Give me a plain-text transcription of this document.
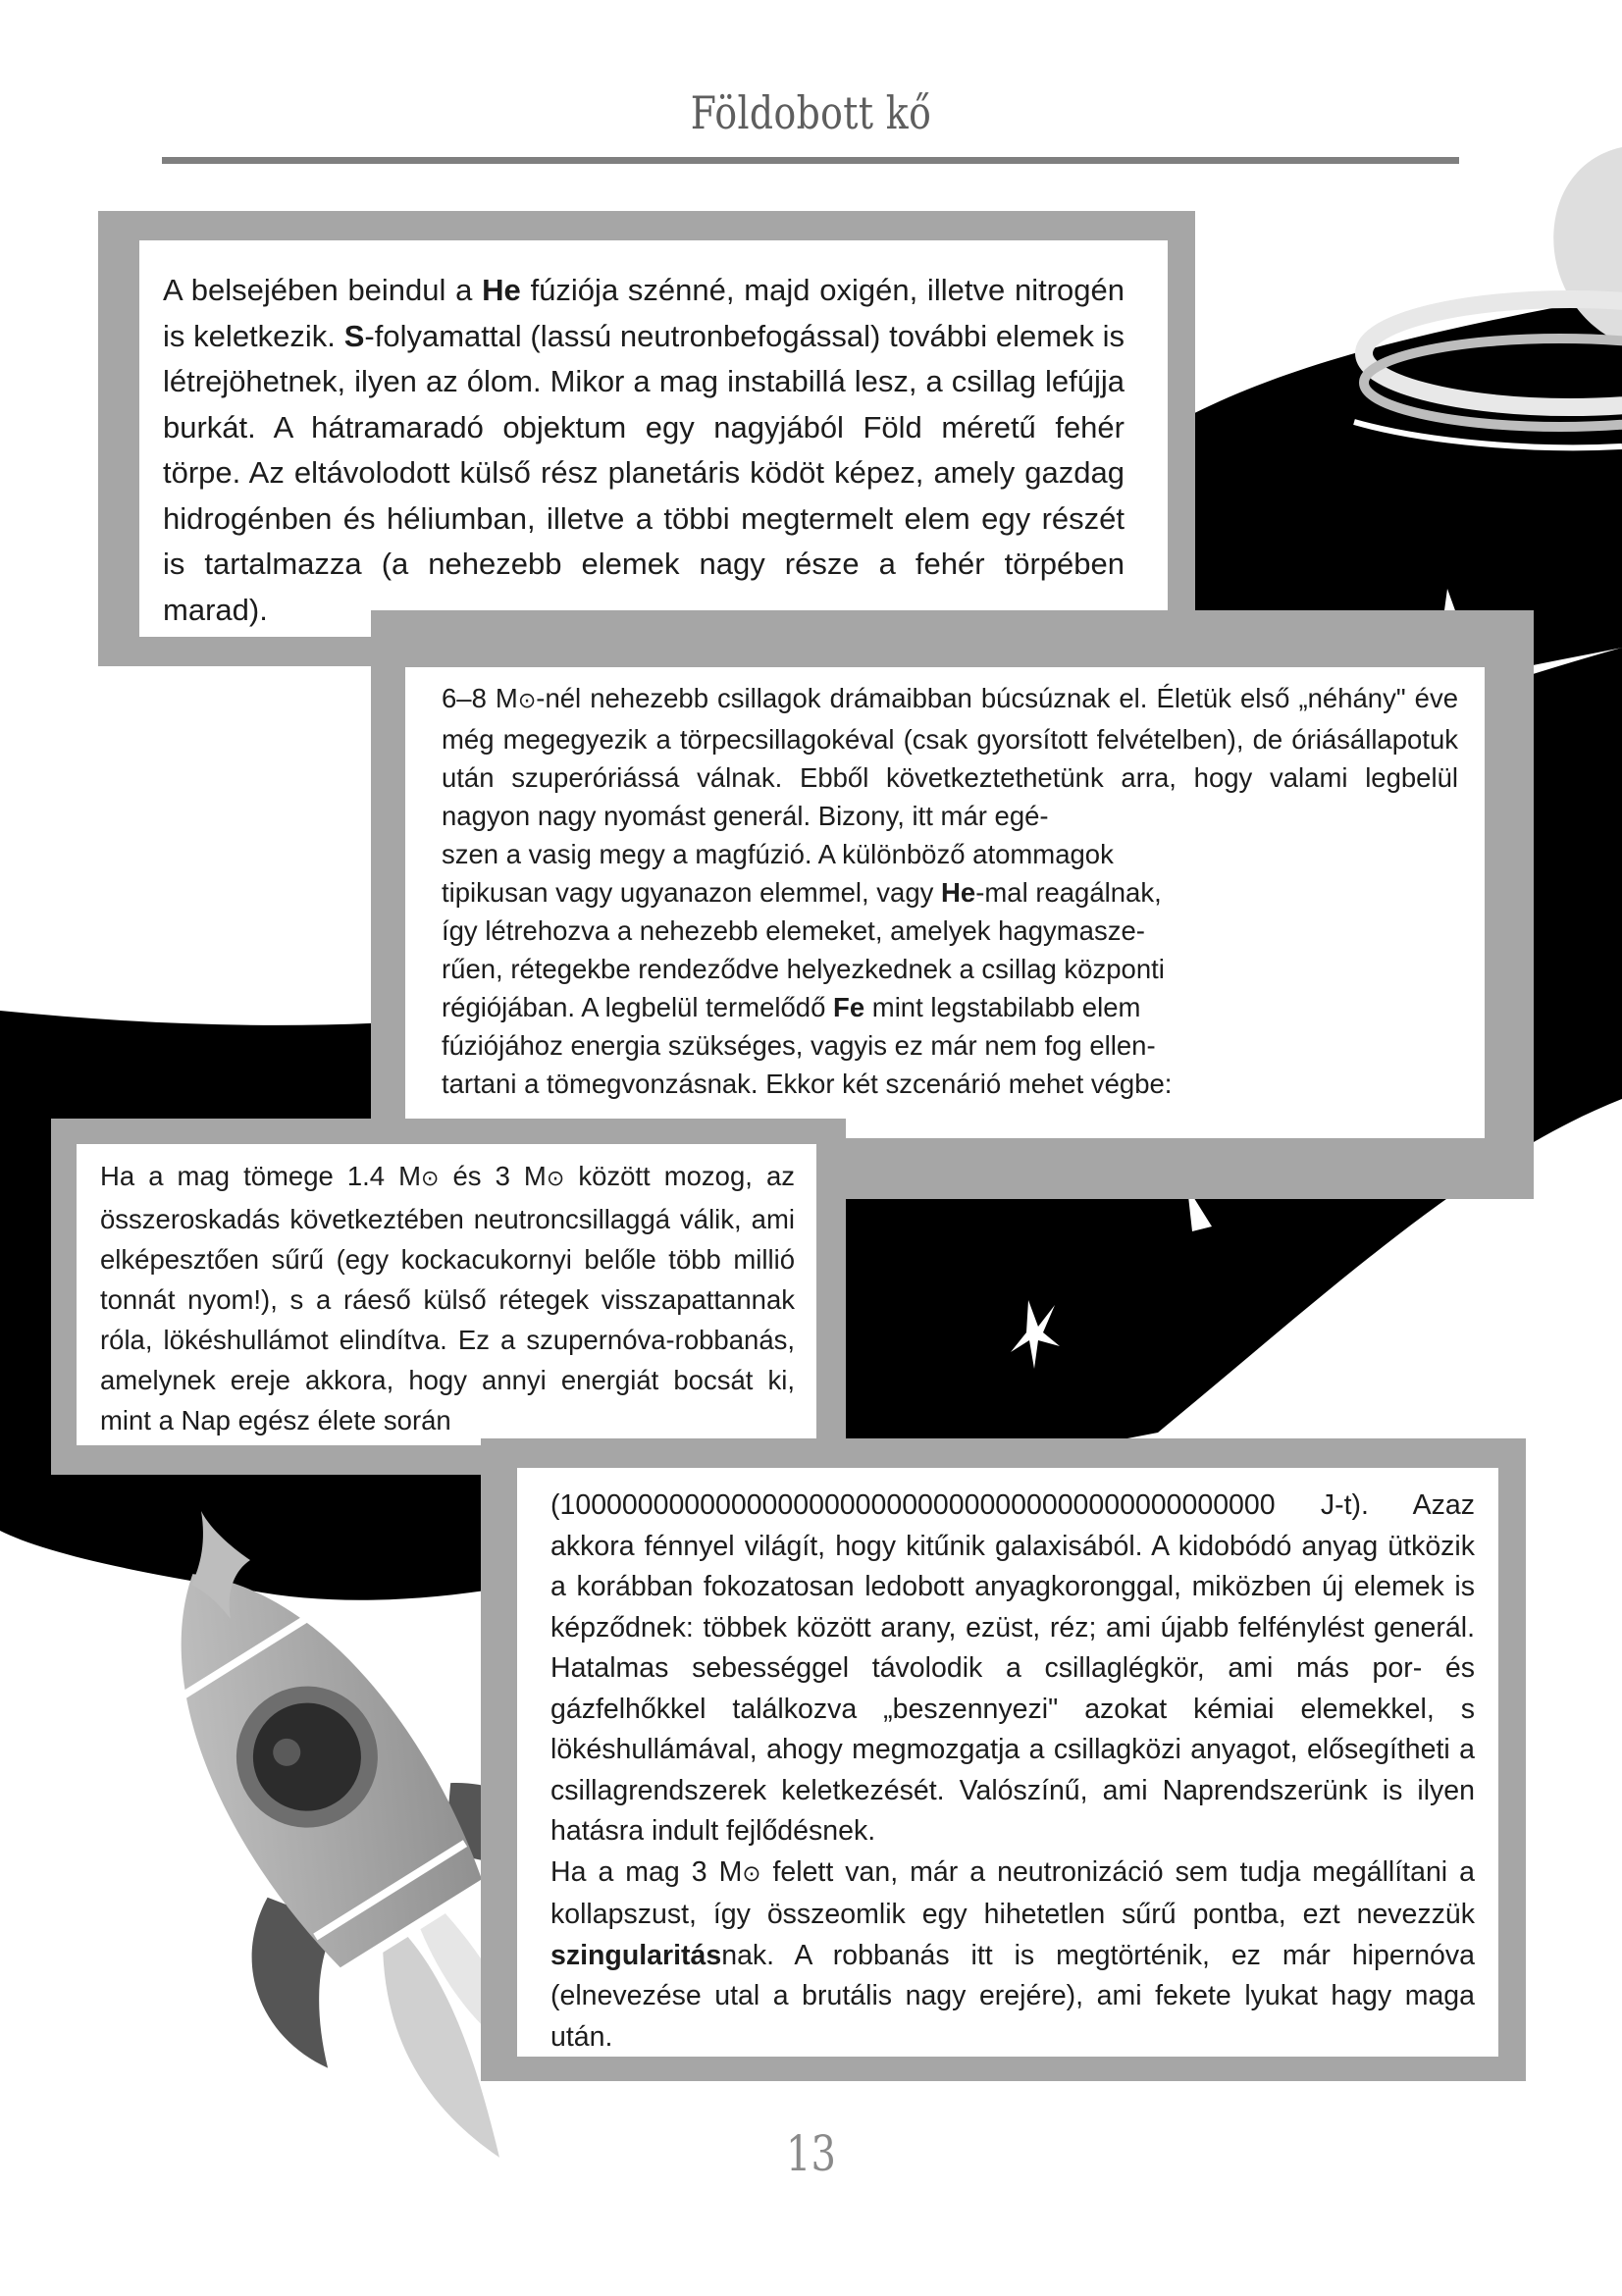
Földobott kő

A belsejében beindul a He fúziója szénné, majd oxigén, illetve nitrogén is keletkezik. S-folyamattal (lassú neutronbefogással) további elemek is létrejöhetnek, ilyen az ólom. Mikor a mag instabillá lesz, a csillag lefújja burkát. A hátramaradó objektum egy nagyjából Föld méretű fehér törpe. Az eltávolodott külső rész planetáris ködöt képez, amely gazdag hidrogénben és héliumban, illetve a többi megtermelt elem egy részét is tartalmazza (a nehezebb elemek nagy része a fehér törpében marad).

6–8 M⊙-nél nehezebb csillagok drámaibban búcsúznak el. Életük első „néhány" éve még megegyezik a törpecsillagokéval (csak gyorsított felvételben), de óriásállapotuk után szuperóriássá válnak. Ebből következtethetünk arra, hogy valami legbelül nagyon nagy nyomást generál. Bizony, itt már egé-

szen a vasig megy a magfúzió. A különböző atommagok

tipikusan vagy ugyanazon elemmel, vagy He-mal reagálnak,

így létrehozva a nehezebb elemeket, amelyek hagymasze-

rűen, rétegekbe rendeződve helyezkednek a csillag központi

régiójában. A legbelül termelődő Fe mint legstabilabb elem

fúziójához energia szükséges, vagyis ez már nem fog ellen-

tartani a tömegvonzásnak. Ekkor két szcenárió mehet végbe:

Ha a mag tömege 1.4 M⊙ és 3 M⊙ között mozog, az összeroskadás következtében neutroncsillaggá válik, ami elképesztően sűrű (egy kockacukornyi belőle több millió tonnát nyom!), s a ráeső külső rétegek visszapattannak róla, lökéshullámot elindítva. Ez a szupernóva-robbanás, amelynek ereje akkora, hogy annyi energiát bocsát ki, mint a Nap egész élete során

(1000000000000000000000000000000000000000000000 J-t). Azaz akkora fénnyel világít, hogy kitűnik galaxisából. A kidobódó anyag ütközik a korábban fokozatosan ledobott anyagkoronggal, miközben új elemek is képződnek: többek között arany, ezüst, réz; ami újabb felfénylést generál. Hatalmas sebességgel távolodik a csillaglégkör, ami más por- és gázfelhőkkel találkozva „beszennyezi" azokat kémiai elemekkel, s lökéshullámával, ahogy megmozgatja a csillagközi anyagot, elősegítheti a csillagrendszerek keletkezését. Valószínű, ami Naprendszerünk is ilyen hatásra indult fejlődésnek.

Ha a mag 3 M⊙ felett van, már a neutronizáció sem tudja megállítani a kollapszust, így összeomlik egy hihetetlen sűrű pontba, ezt nevezzük szingularitásnak. A robbanás itt is megtörténik, ez már hipernóva (elnevezése utal a brutális nagy erejére), ami fekete lyukat hagy maga után.

13
